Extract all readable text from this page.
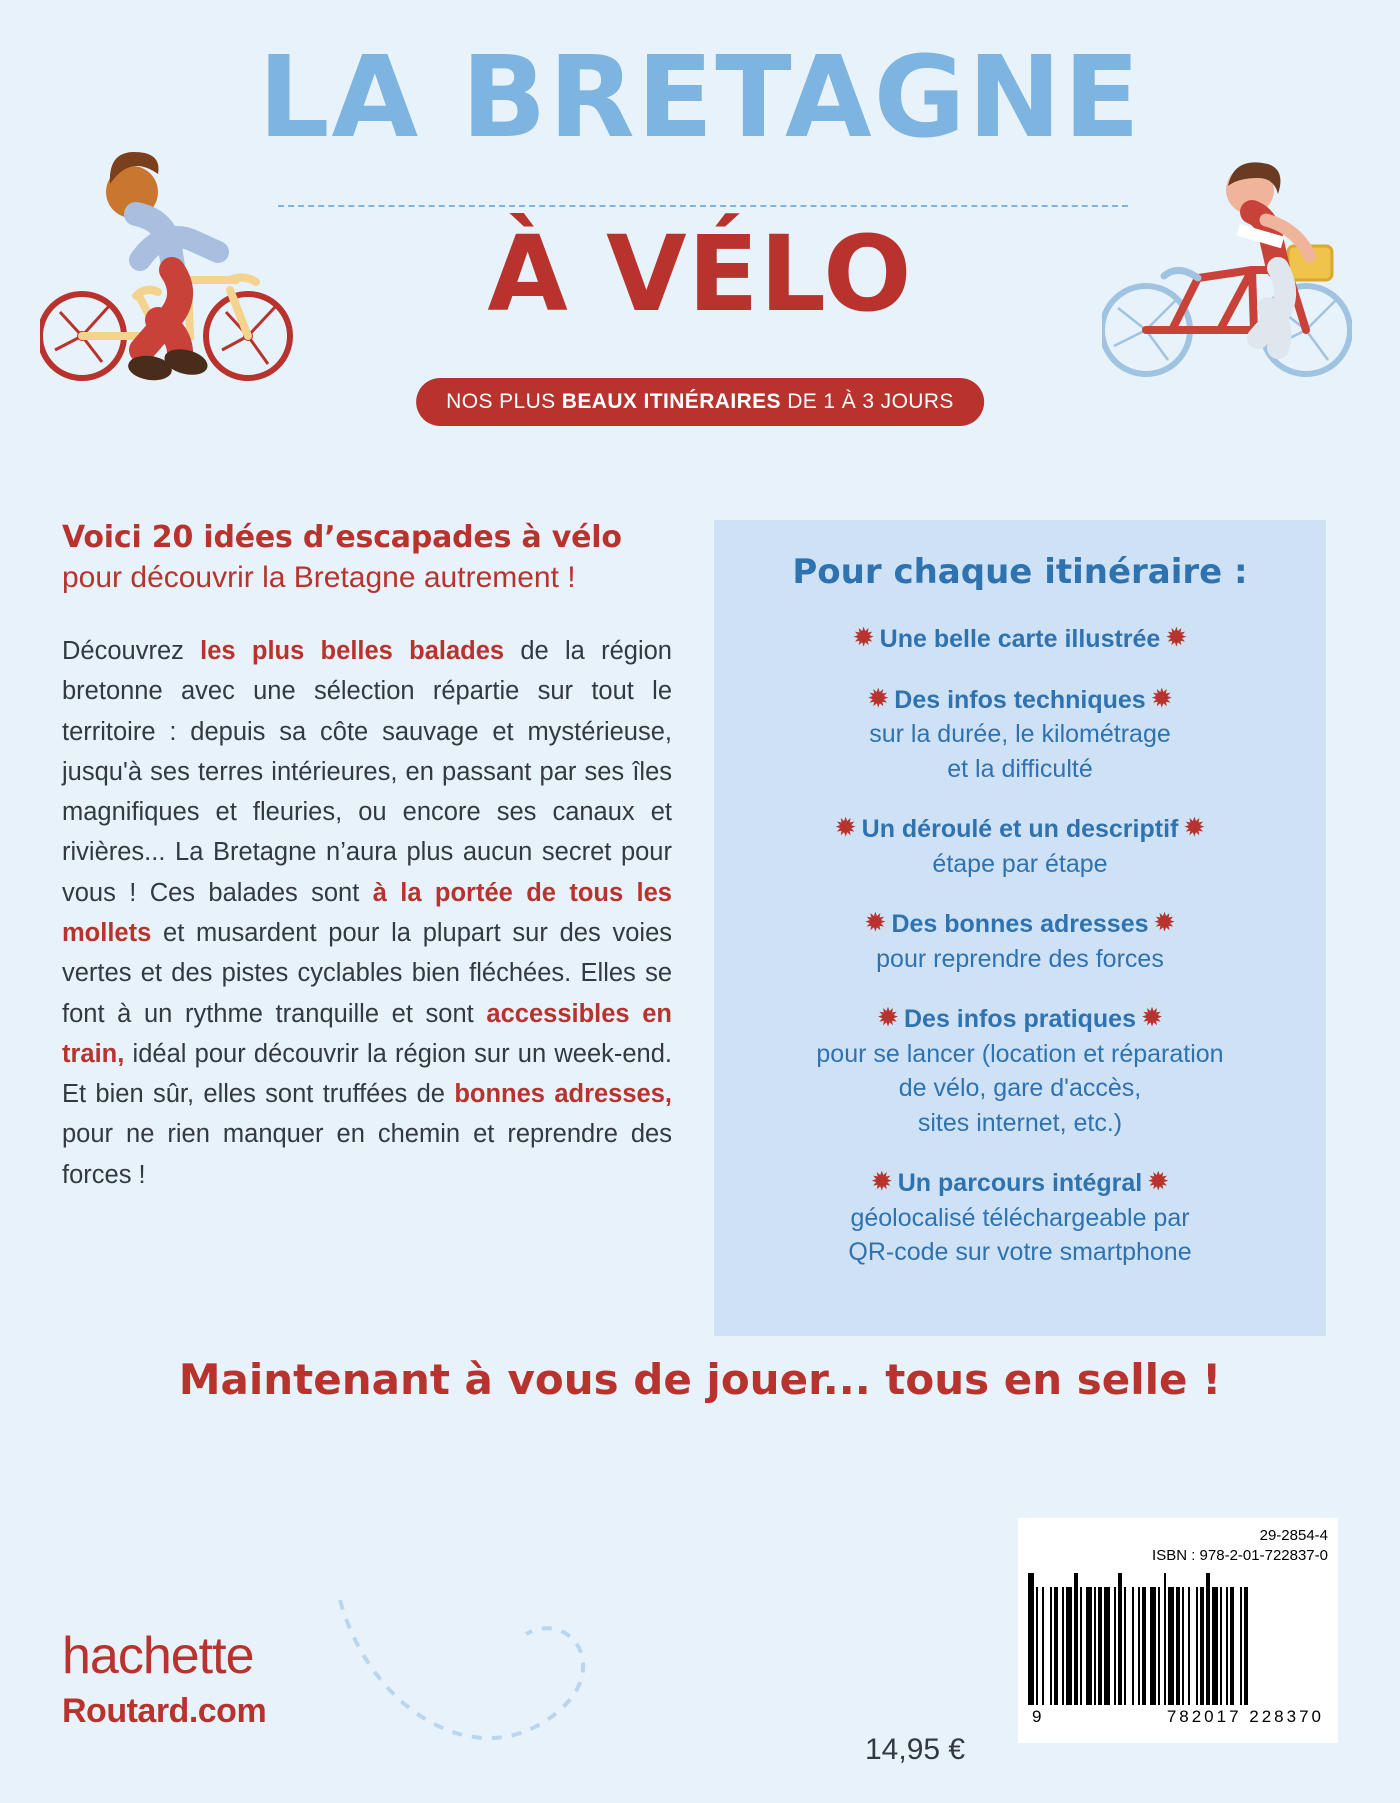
LA BRETAGNE
À VÉLO
NOS PLUS BEAUX ITINÉRAIRES DE 1 À 3 JOURS
Voici 20 idées d’escapades à vélo
pour découvrir la Bretagne autrement !

Découvrez les plus belles balades de la région bretonne avec une sélection répartie sur tout le territoire : depuis sa côte sauvage et mystérieuse, jusqu'à ses terres intérieures, en passant par ses îles magnifiques et fleuries, ou encore ses canaux et rivières... La Bretagne n’aura plus aucun secret pour vous ! Ces balades sont à la portée de tous les mollets et musardent pour la plupart sur des voies vertes et des pistes cyclables bien fléchées. Elles se font à un rythme tranquille et sont accessibles en train, idéal pour découvrir la région sur un week-end. Et bien sûr, elles sont truffées de bonnes adresses, pour ne rien manquer en chemin et reprendre des forces !

Pour chaque itinéraire :
✹ Une belle carte illustrée ✹
✹ Des infos techniques ✹
sur la durée, le kilométrage
et la difficulté
✹ Un déroulé et un descriptif ✹
étape par étape
✹ Des bonnes adresses ✹
pour reprendre des forces
✹ Des infos pratiques ✹
pour se lancer (location et réparation
de vélo, gare d'accès,
sites internet, etc.)
✹ Un parcours intégral ✹
géolocalisé téléchargeable par
QR-code sur votre smartphone
Maintenant à vous de jouer... tous en selle !
hachette
Routard.com
14,95 €
29-2854-4
ISBN : 978-2-01-722837-0
9	782017 228370
